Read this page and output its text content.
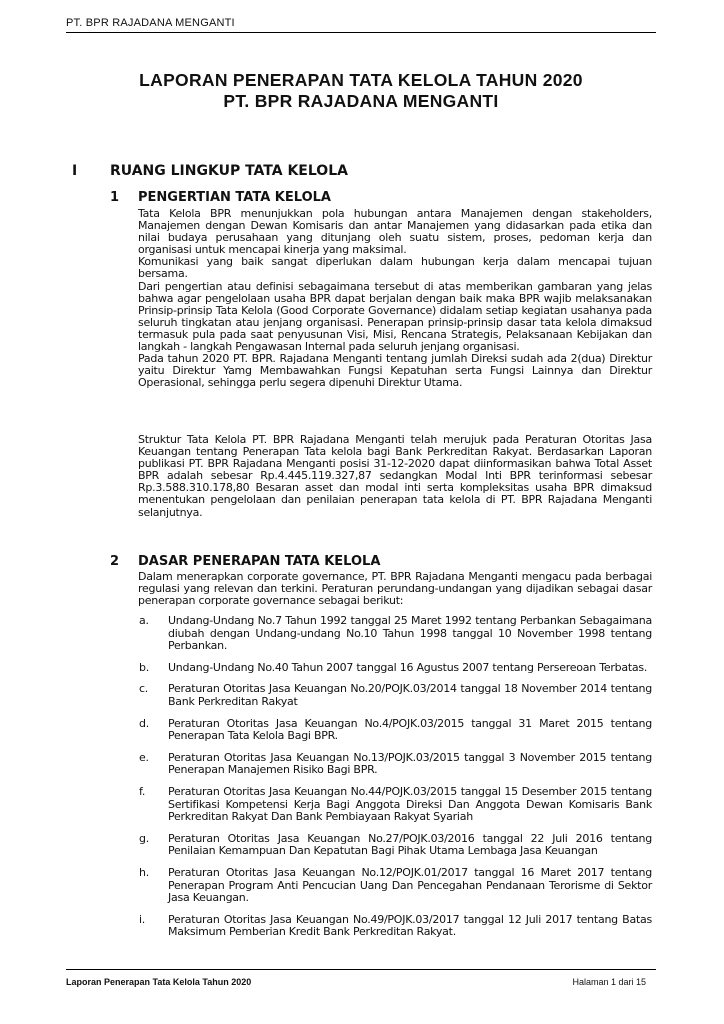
PT. BPR RAJADANA MENGANTI
LAPORAN PENERAPAN TATA KELOLA TAHUN 2020
PT. BPR RAJADANA MENGANTI
I RUANG LINGKUP TATA KELOLA
1 PENGERTIAN TATA KELOLA

Tata Kelola BPR menunjukkan pola hubungan antara Manajemen dengan stakeholders, Manajemen dengan Dewan Komisaris dan antar Manajemen yang didasarkan pada etika dan nilai budaya perusahaan yang ditunjang oleh suatu sistem, proses, pedoman kerja dan organisasi untuk mencapai kinerja yang maksimal.

Komunikasi yang baik sangat diperlukan dalam hubungan kerja dalam mencapai tujuan bersama.

Dari pengertian atau definisi sebagaimana tersebut di atas memberikan gambaran yang jelas bahwa agar pengelolaan usaha BPR dapat berjalan dengan baik maka BPR wajib melaksanakan Prinsip-prinsip Tata Kelola (Good Corporate Governance) didalam setiap kegiatan usahanya pada seluruh tingkatan atau jenjang organisasi. Penerapan prinsip-prinsip dasar tata kelola dimaksud termasuk pula pada saat penyusunan Visi, Misi, Rencana Strategis, Pelaksanaan Kebijakan dan langkah - langkah Pengawasan Internal pada seluruh jenjang organisasi.

Pada tahun 2020 PT. BPR. Rajadana Menganti tentang jumlah Direksi sudah ada 2(dua) Direktur yaitu Direktur Yamg Membawahkan Fungsi Kepatuhan serta Fungsi Lainnya dan Direktur Operasional, sehingga perlu segera dipenuhi Direktur Utama.

Struktur Tata Kelola PT. BPR Rajadana Menganti telah merujuk pada Peraturan Otoritas Jasa Keuangan tentang Penerapan Tata kelola bagi Bank Perkreditan Rakyat. Berdasarkan Laporan publikasi PT. BPR Rajadana Menganti posisi 31-12-2020 dapat diinformasikan bahwa Total Asset BPR adalah sebesar Rp.4.445.119.327,87 sedangkan Modal Inti BPR terinformasi sebesar Rp.3.588.310.178,80 Besaran asset dan modal inti serta kompleksitas usaha BPR dimaksud menentukan pengelolaan dan penilaian penerapan tata kelola di PT. BPR Rajadana Menganti selanjutnya.

2 DASAR PENERAPAN TATA KELOLA

Dalam menerapkan corporate governance, PT. BPR Rajadana Menganti mengacu pada berbagai regulasi yang relevan dan terkini. Peraturan perundang-undangan yang dijadikan sebagai dasar penerapan corporate governance sebagai berikut:

a. Undang-Undang No.7 Tahun 1992 tanggal 25 Maret 1992 tentang Perbankan Sebagaimana diubah dengan Undang-undang No.10 Tahun 1998 tanggal 10 November 1998 tentang Perbankan.
b. Undang-Undang No.40 Tahun 2007 tanggal 16 Agustus 2007 tentang Persereoan Terbatas.
c. Peraturan Otoritas Jasa Keuangan No.20/POJK.03/2014 tanggal 18 November 2014 tentang Bank Perkreditan Rakyat
d. Peraturan Otoritas Jasa Keuangan No.4/POJK.03/2015 tanggal 31 Maret 2015 tentang Penerapan Tata Kelola Bagi BPR.
e. Peraturan Otoritas Jasa Keuangan No.13/POJK.03/2015 tanggal 3 November 2015 tentang Penerapan Manajemen Risiko Bagi BPR.
f. Peraturan Otoritas Jasa Keuangan No.44/POJK.03/2015 tanggal 15 Desember 2015 tentang Sertifikasi Kompetensi Kerja Bagi Anggota Direksi Dan Anggota Dewan Komisaris Bank Perkreditan Rakyat Dan Bank Pembiayaan Rakyat Syariah
g. Peraturan Otoritas Jasa Keuangan No.27/POJK.03/2016 tanggal 22 Juli 2016 tentang Penilaian Kemampuan Dan Kepatutan Bagi Pihak Utama Lembaga Jasa Keuangan
h. Peraturan Otoritas Jasa Keuangan No.12/POJK.01/2017 tanggal 16 Maret 2017 tentang Penerapan Program Anti Pencucian Uang Dan Pencegahan Pendanaan Terorisme di Sektor Jasa Keuangan.
i. Peraturan Otoritas Jasa Keuangan No.49/POJK.03/2017 tanggal 12 Juli 2017 tentang Batas Maksimum Pemberian Kredit Bank Perkreditan Rakyat.
Laporan Penerapan Tata Kelola Tahun 2020	Halaman 1 dari 15
